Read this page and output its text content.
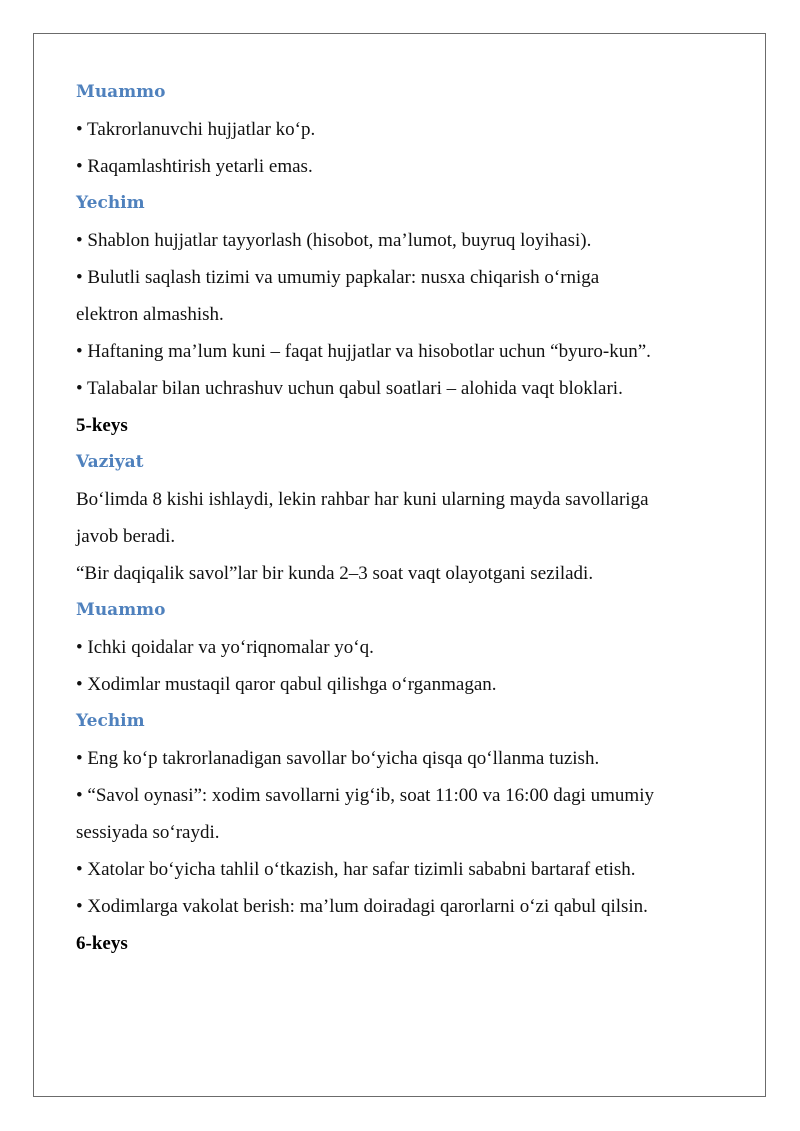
Muammo

• Takrorlanuvchi hujjatlar ko‘p.

• Raqamlashtirish yetarli emas.

Yechim

• Shablon hujjatlar tayyorlash (hisobot, ma’lumot, buyruq loyihasi).

• Bulutli saqlash tizimi va umumiy papkalar: nusxa chiqarish o‘rniga

elektron almashish.

• Haftaning ma’lum kuni – faqat hujjatlar va hisobotlar uchun “byuro-kun”.

• Talabalar bilan uchrashuv uchun qabul soatlari – alohida vaqt bloklari.

5-keys

Vaziyat

Bo‘limda 8 kishi ishlaydi, lekin rahbar har kuni ularning mayda savollariga

javob beradi.

“Bir daqiqalik savol”lar bir kunda 2–3 soat vaqt olayotgani seziladi.

Muammo

• Ichki qoidalar va yo‘riqnomalar yo‘q.

• Xodimlar mustaqil qaror qabul qilishga o‘rganmagan.

Yechim

• Eng ko‘p takrorlanadigan savollar bo‘yicha qisqa qo‘llanma tuzish.

• “Savol oynasi”: xodim savollarni yig‘ib, soat 11:00 va 16:00 dagi umumiy

sessiyada so‘raydi.

• Xatolar bo‘yicha tahlil o‘tkazish, har safar tizimli sababni bartaraf etish.

• Xodimlarga vakolat berish: ma’lum doiradagi qarorlarni o‘zi qabul qilsin.

6-keys
